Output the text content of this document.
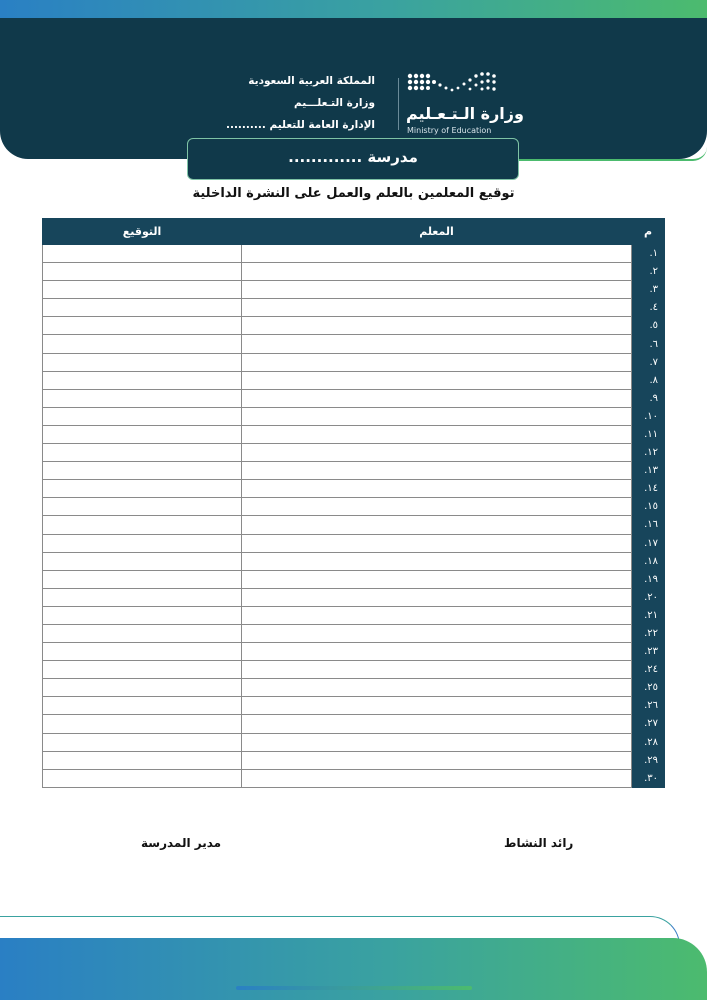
المملكة العربية السعودية
وزارة التـعلـــيم
الإدارة العامة للتعليم ..........
وزارة الـتـعـليم
Ministry of Education
مدرسة .............
توقيع المعلمين بالعلم والعمل على النشرة الداخلية
التوقيع	المعلم	م
		.١
		.٢
		.٣
		.٤
		.٥
		.٦
		.٧
		.٨
		.٩
		.١٠
		.١١
		.١٢
		.١٣
		.١٤
		.١٥
		.١٦
		.١٧
		.١٨
		.١٩
		.٢٠
		.٢١
		.٢٢
		.٢٣
		.٢٤
		.٢٥
		.٢٦
		.٢٧
		.٢٨
		.٢٩
		.٣٠
رائد النشاط
مدير المدرسة
